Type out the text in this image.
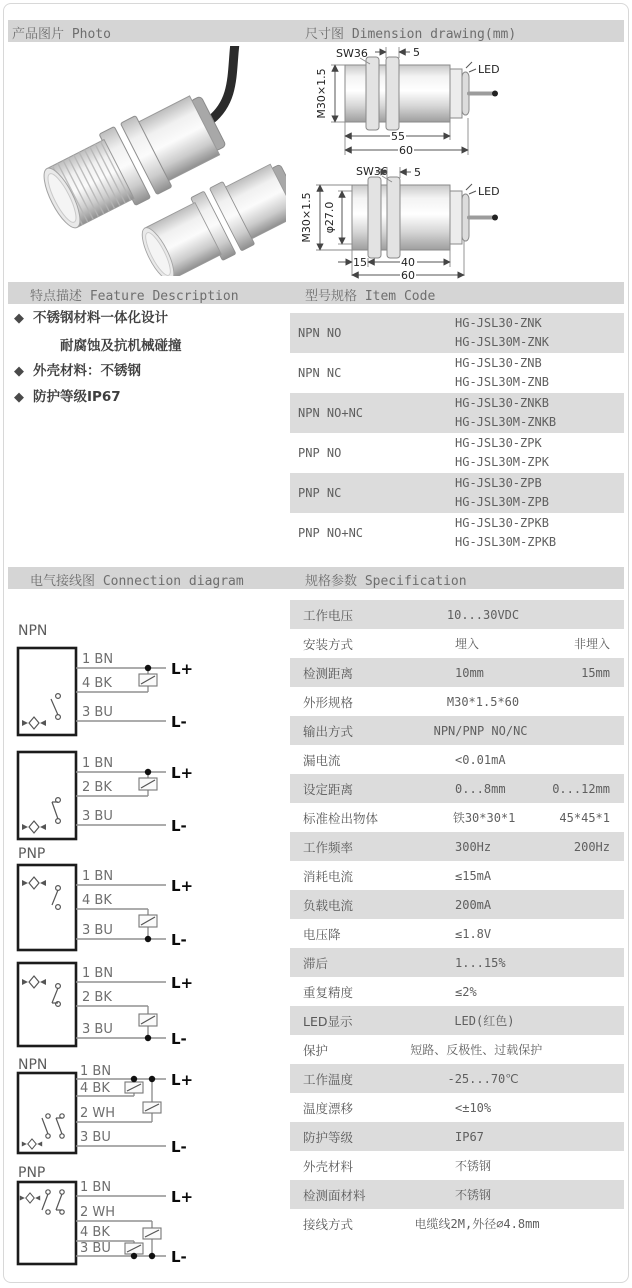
产品图片 Photo	尺寸图 Dimension drawing(mm)
特点描述 Feature Description	型号规格 Item Code
电气接线图 Connection diagram	规格参数 Specification
LED
SW36	5
M30×1.5
55
60
LED
SW36 5
M30×1.5 φ27.0
15	40
60
◆ 不锈钢材料一体化设计
耐腐蚀及抗机械碰撞
◆ 外壳材料：不锈钢
◆ 防护等级IP67
NPN NO
HG-JSL30-ZNK
HG-JSL30M-ZNK
NPN NC
HG-JSL30-ZNB
HG-JSL30M-ZNB
NPN NO+NC
HG-JSL30-ZNKB
HG-JSL30M-ZNKB
PNP NO
HG-JSL30-ZPK
HG-JSL30M-ZPK
PNP NC
HG-JSL30-ZPB
HG-JSL30M-ZPB
PNP NO+NC
HG-JSL30-ZPKB
HG-JSL30M-ZPKB
工作电压	10...30VDC
安装方式	埋入	非埋入
检测距离	10mm	15mm
外形规格	M30*1.5*60
输出方式	NPN/PNP NO/NC
漏电流	<0.01mA
设定距离	0...8mm	0...12mm
标准检出物体	铁30*30*1	45*45*1
工作频率	300Hz	200Hz
消耗电流	≤15mA
负载电流	200mA
电压降	≤1.8V
滞后	1...15%
重复精度	≤2%
LED显示	LED(红色)
保护	短路、反极性、过载保护
工作温度	-25...70℃
温度漂移	<±10%
防护等级	IP67
外壳材料	不锈钢
检测面材料	不锈钢
接线方式	电缆线2M,外径∅4.8mm
NPN
1 BN
4 BK
3 BU
L+
L-
1 BN
2 BK
3 BU
L+
L-
PNP
1 BN
4 BK
3 BU
L+
L-
1 BN
2 BK
3 BU
L+
L-
NPN	1 BN
4 BK
2 WH
3 BU
L+
L-
PNP
1 BN
2 WH
4 BK
3 BU
L+
L-
